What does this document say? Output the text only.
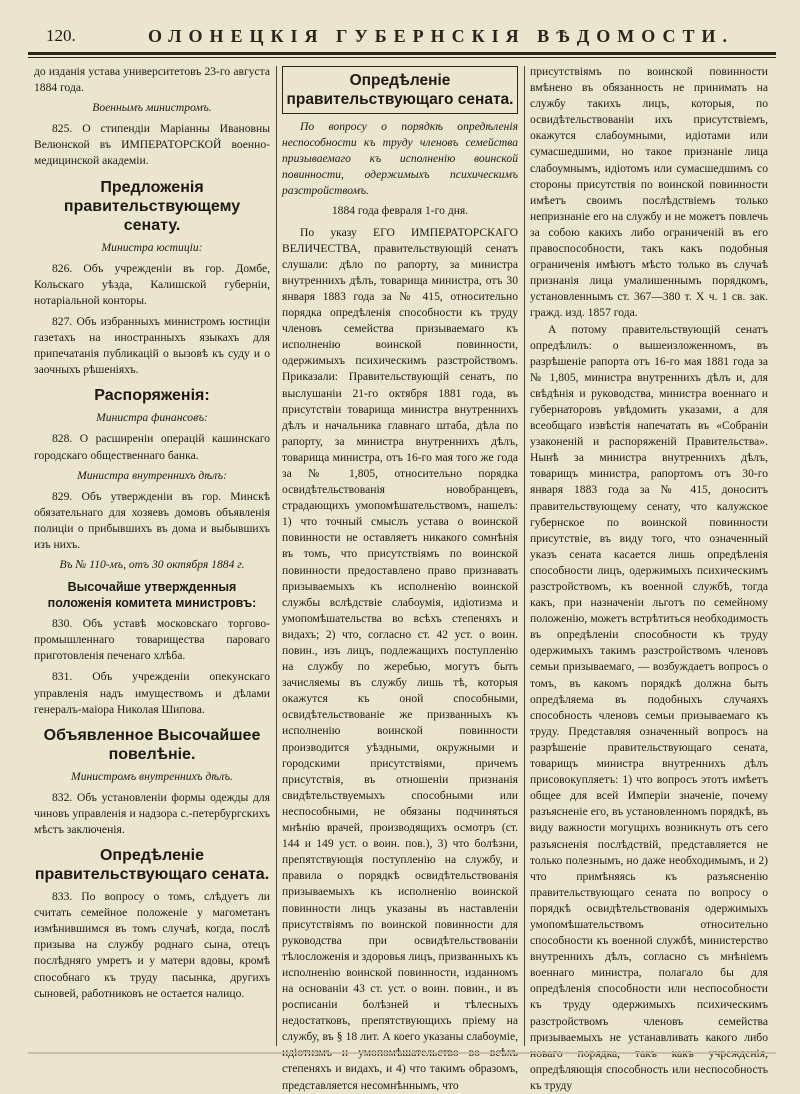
120.	ОЛОНЕЦКІЯ ГУБЕРНСКІЯ ВѢДОМОСТИ.

до изданія устава университетовъ 23-го августа 1884 года.

Военнымъ министромъ.

825. О стипендіи Маріанны Ивановны Велюнской въ ИМПЕРАТОРСКОЙ военно-медицинской академіи.

Предложенія правительствующему сенату.
Министра юстиціи:

826. Объ учрежденіи въ гор. Домбе, Кольскаго уѣзда, Калишской губерніи, нотаріальной конторы.

827. Объ избранныхъ министромъ юстиціи газетахъ на иностранныхъ языкахъ для припечатанія публикацій о вызовѣ къ суду и о заочныхъ рѣшеніяхъ.

Распоряженія:
Министра финансовъ:

828. О расширеніи операцій кашинскаго городскаго общественнаго банка.

Министра внутреннихъ дѣлъ:

829. Объ утвержденіи въ гор. Минскѣ обязательнаго для хозяевъ домовъ объявленія полиціи о прибывшихъ въ дома и выбывшихъ изъ нихъ.

Въ № 110-мъ, отъ 30 октября 1884 г.
Высочайше утвержденныя положенія комитета министровъ:

830. Объ уставѣ московскаго торгово-промышленнаго товарищества пароваго приготовленія печенаго хлѣба.

831. Объ учрежденіи опекунскаго управленія надъ имуществомъ и дѣлами генералъ-маіора Николая Шипова.

Объявленное Высочайшее повелѣніе.
Министромъ внутреннихъ дѣлъ.

832. Объ установленіи формы одежды для чиновъ управленія и надзора с.-петербургскихъ мѣстъ заключенія.

Опредѣленіе правительствующаго сената.

833. По вопросу о томъ, слѣдуетъ ли считать семейное положеніе у магометанъ измѣнившимся въ томъ случаѣ, когда, послѣ призыва на службу роднаго сына, отецъ послѣдняго умретъ и у матери вдовы, кромѣ способнаго къ труду пасынка, другихъ сыновей, работниковъ не остается налицо.

Опредѣленіе правительствующаго сената.

По вопросу о порядкѣ опредѣленія неспособности къ труду членовъ семейства призываемаго къ исполненію воинской повинности, одержимыхъ психическимъ разстройствомъ.

1884 года февраля 1-го дня.

По указу ЕГО ИМПЕРАТОРСКАГО ВЕЛИЧЕСТВА, правительствующій сенатъ слушали: дѣло по рапорту, за министра внутреннихъ дѣлъ, товарища министра, отъ 30 января 1883 года за № 415, относительно порядка опредѣленія способности къ труду членовъ семейства призываемаго къ исполненію воинской повинности, одержимыхъ психическимъ разстройствомъ. Приказали: Правительствующій сенатъ, по выслушаніи 21-го октября 1881 года, въ присутствіи товарища министра внутреннихъ дѣлъ и начальника главнаго штаба, дѣла по рапорту, за министра внутреннихъ дѣлъ, товарища министра, отъ 16-го мая того же года за № 1,805, относительно порядка освидѣтельствованія новобранцевъ, страдающихъ умопомѣшательствомъ, нашелъ: 1) что точный смыслъ устава о воинской повинности не оставляетъ никакого сомнѣнія въ томъ, что присутствіямъ по воинской повинности предоставлено право признавать призываемыхъ къ исполненію воинской службы вслѣдствіе слабоумія, идіотизма и умопомѣшательства во всѣхъ степеняхъ и видахъ; 2) что, согласно ст. 42 уст. о воин. повин., изъ лицъ, подлежащихъ поступленію на службу по жеребью, могутъ быть зачисляемы въ службу лишь тѣ, которыя окажутся къ оной способными, освидѣтельствованіе же призванныхъ къ исполненію воинской повинности производится уѣздными, окружными и городскими присутствіями, причемъ присутствія, въ отношеніи признанія свидѣтельствуемыхъ способными или неспособными, не обязаны подчиняться мнѣнію врачей, производящихъ осмотръ (ст. 144 и 149 уст. о воин. пов.), 3) что болѣзни, препятствующія поступленію на службу, и правила о порядкѣ освидѣтельствованія призываемыхъ къ исполненію воинской повинности лицъ указаны въ наставленіи присутствіямъ по воинской повинности для руководства при освидѣтельствованіи тѣлосложенія и здоровья лицъ, призванныхъ къ исполненію воинской повинности, изданномъ на основаніи 43 ст. уст. о воин. повин., и въ росписаніи болѣзней и тѣлесныхъ недостатковъ, препятствующихъ пріему на службу, въ § 18 лит. А коего указаны слабоуміе, степеняхъ и видахъ, и 4) что такимъ образомъ, представляется несомнѣннымъ, что

присутствіямъ по воинской повинности вмѣнено въ обязанность не принимать на службу такихъ лицъ, которыя, по освидѣтельствованіи ихъ присутствіемъ, окажутся слабоумными, идіотами или сумасшедшими, но такое признаніе лица слабоумнымъ, идіотомъ или сумасшедшимъ со стороны присутствія по воинской повинности имѣетъ своимъ послѣдствіемъ только непризнаніе его на службу и не можетъ повлечь за собою какихъ либо ограниченій въ его правоспособности, такъ какъ подобныя ограниченія имѣютъ мѣсто только въ случаѣ признанія лица умалишеннымъ порядкомъ, установленнымъ ст. 367—380 т. X ч. 1 св. зак. гражд. изд. 1857 года.

А потому правительствующій сенатъ опредѣлилъ: о вышеизложенномъ, въ разрѣшеніе рапорта отъ 16-го мая 1881 года за № 1,805, министра внутреннихъ дѣлъ и, для свѣдѣнія и руководства, министра военнаго и губернаторовъ увѣдомить указами, а для всеобщаго извѣстія напечатать въ «Собраніи узаконеній и распоряженій Правительства». Нынѣ за министра внутреннихъ дѣлъ, товарищъ министра, рапортомъ отъ 30-го января 1883 года за № 415, доноситъ правительствующему сенату, что калужское губернское по воинской повинности присутствіе, въ виду того, что означенный указъ сената касается лишь опредѣленія способности лицъ, одержимыхъ психическимъ разстройствомъ, къ военной службѣ, тогда какъ, при назначеніи льготъ по семейному положенію, можетъ встрѣтиться необходимость въ опредѣленіи способности къ труду одержимыхъ такимъ разстройствомъ членовъ семьи призываемаго, — возбуждаетъ вопросъ о томъ, въ какомъ порядкѣ должна быть опредѣляема въ подобныхъ случаяхъ способность членовъ семьи призываемаго къ труду. Представляя означенный вопросъ на разрѣшеніе правительствующаго сената, товарищъ министра внутреннихъ дѣлъ присовокупляетъ: 1) что вопросъ этотъ имѣетъ общее для всей Имперіи значеніе, почему разъясненіе его, въ установленномъ порядкѣ, въ виду важности могущихъ возникнуть отъ сего разъясненія послѣдствій, представляется не только полезнымъ, но даже необходимымъ, и 2) что примѣняясь къ разъясненію правительствующаго сената по вопросу о порядкѣ освидѣтельствованія одержимыхъ умопомѣшательствомъ относительно способности къ военной службѣ, министерство внутреннихъ дѣлъ, согласно съ мнѣніемъ военнаго министра, полагало бы для опредѣленія способности или неспособности къ труду одержимыхъ психическимъ разстройствомъ членовъ семейства призываемыхъ не устанавливать какого либо опредѣляющія способность или неспособность къ труду
